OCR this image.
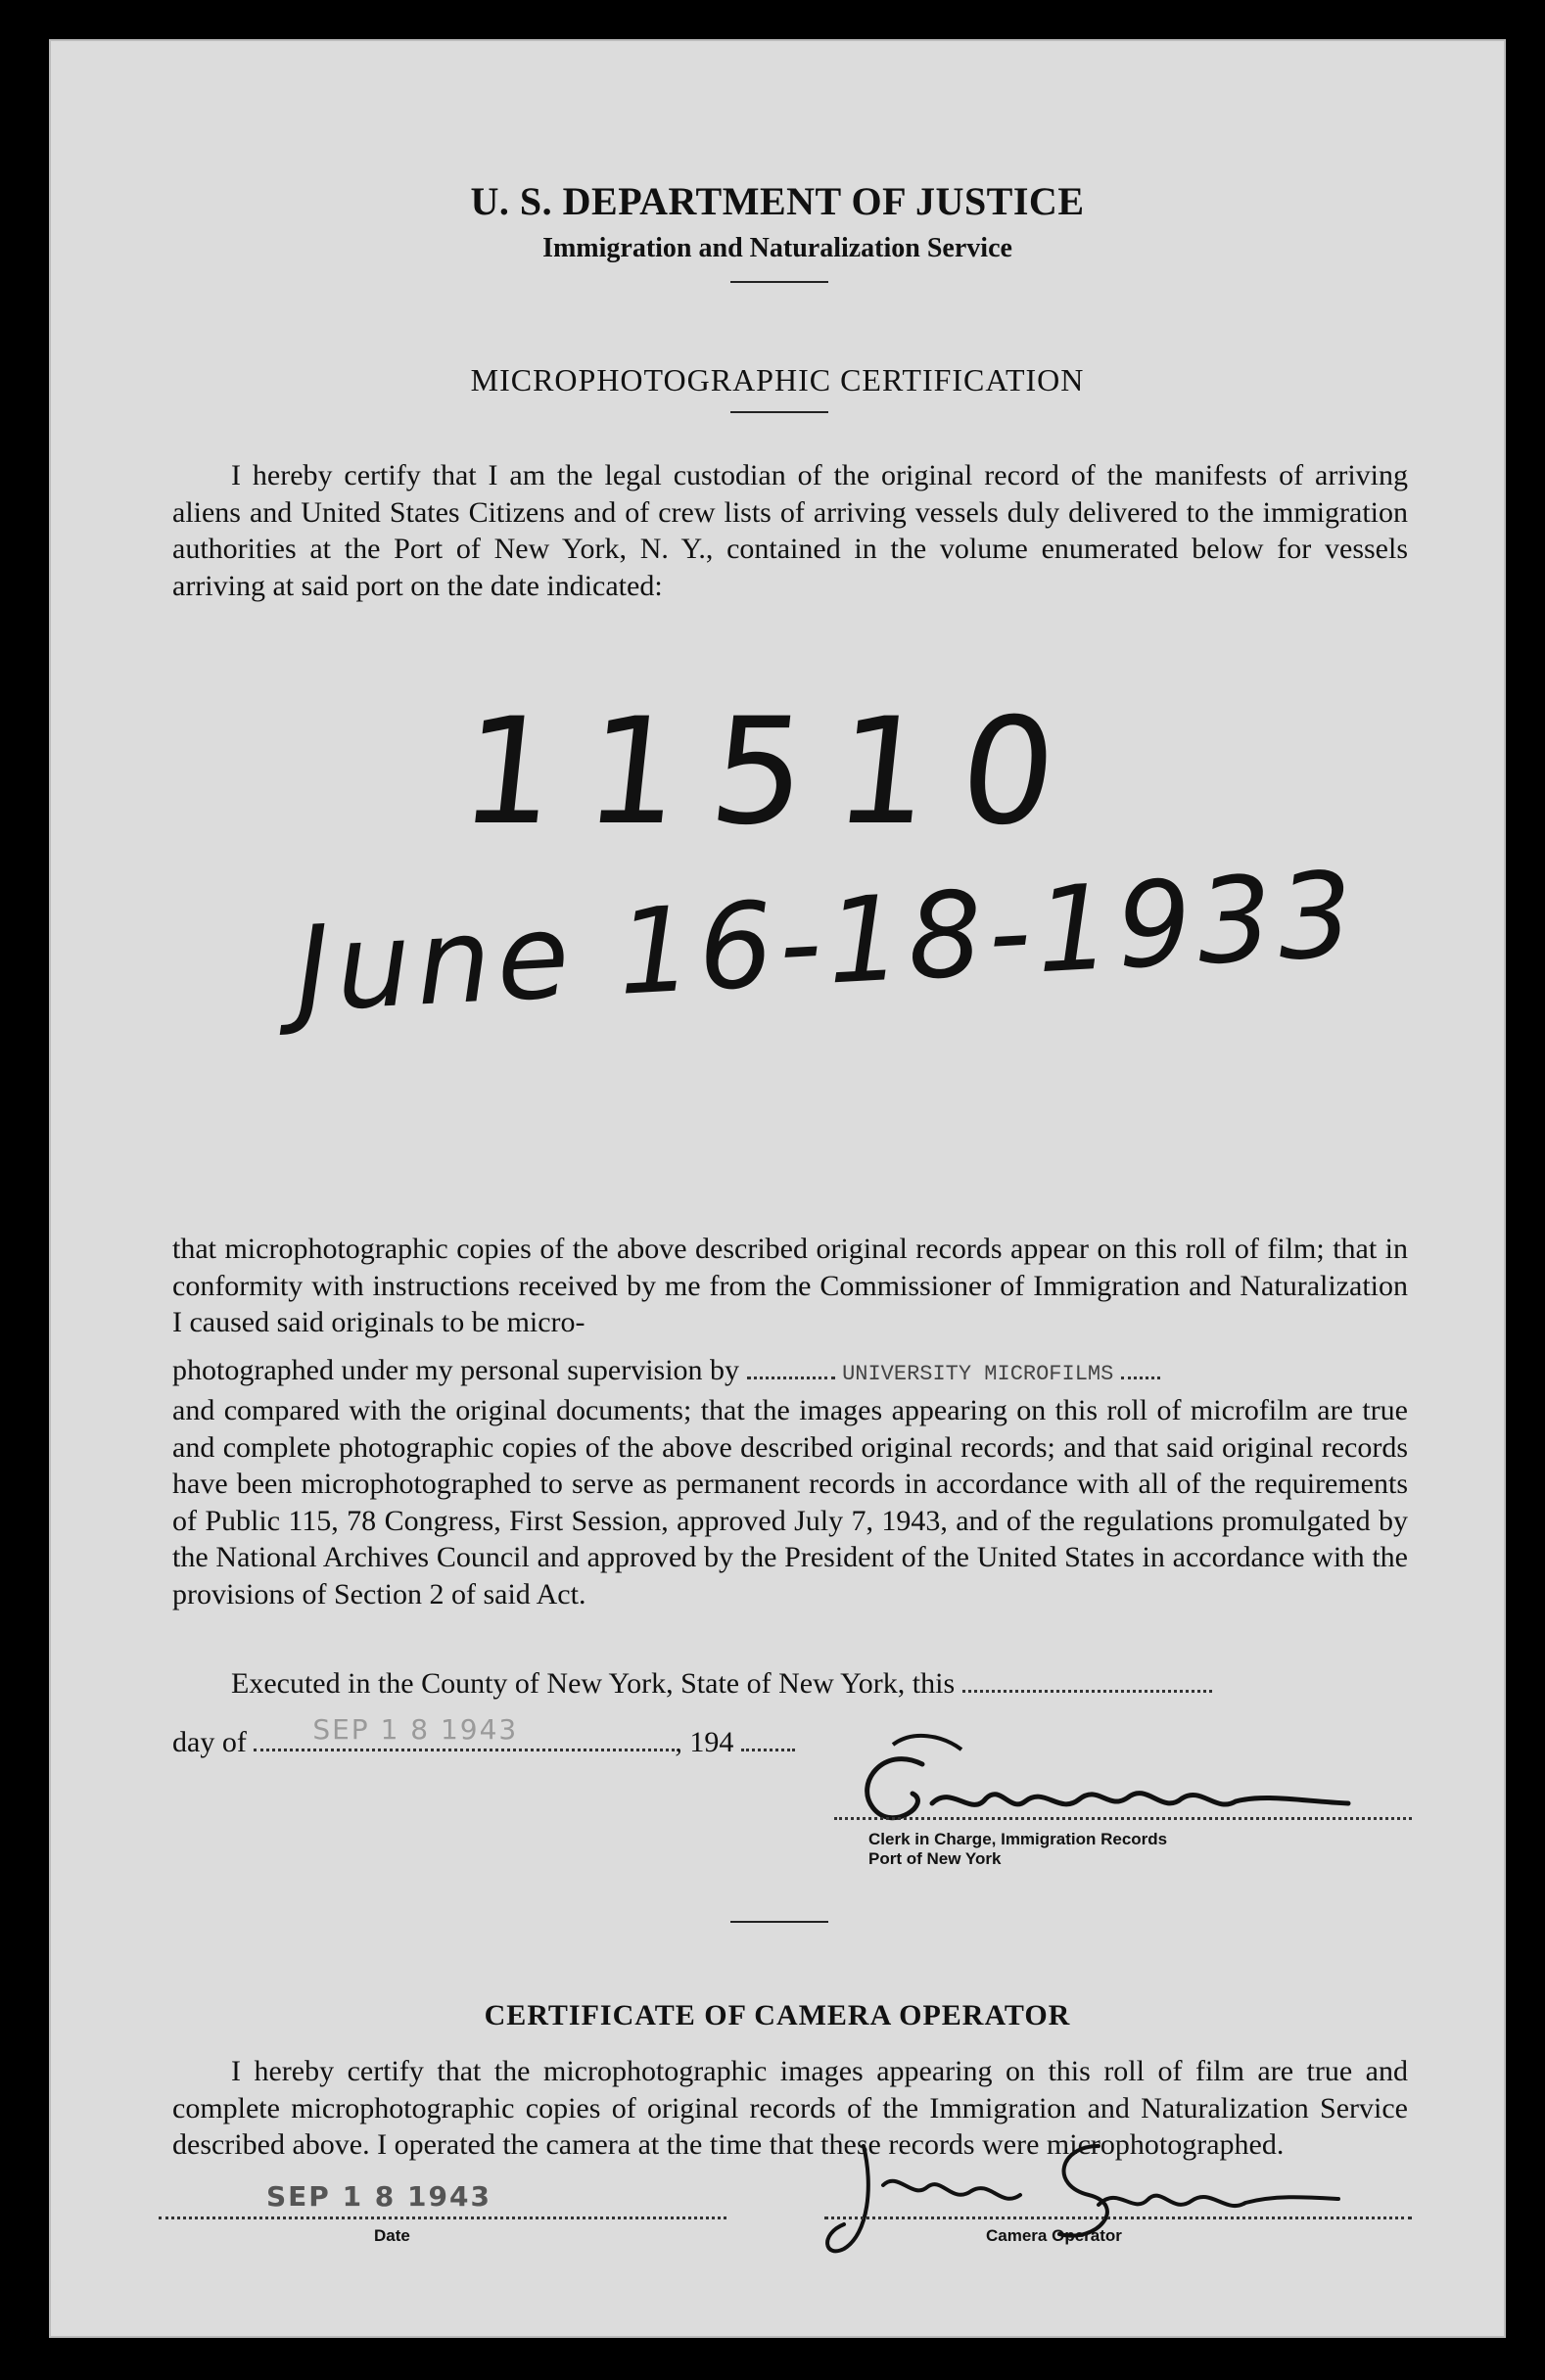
U. S. DEPARTMENT OF JUSTICE
Immigration and Naturalization Service
MICROPHOTOGRAPHIC CERTIFICATION
I hereby certify that I am the legal custodian of the original record of the manifests of arriving aliens and United States Citizens and of crew lists of arriving vessels duly delivered to the immigration authorities at the Port of New York, N. Y., contained in the volume enumerated below for vessels arriving at said port on the date indicated:
11510
June 16-18-1933
that microphotographic copies of the above described original records appear on this roll of film; that in conformity with instructions received by me from the Commissioner of Immigration and Naturalization I caused said originals to be micro-
photographed under my personal supervision by	UNIVERSITY MICROFILMS
and compared with the original documents; that the images appearing on this roll of microfilm are true and complete photographic copies of the above described original records; and that said original records have been microphotographed to serve as permanent records in accordance with all of the requirements of Public 115, 78 Congress, First Session, approved July 7, 1943, and of the regulations promulgated by the National Archives Council and approved by the President of the United States in accordance with the provisions of Section 2 of said Act.
Executed in the County of New York, State of New York, this
day of SEP 1 8 1943	, 194
Clerk in Charge, Immigration Records
Port of New York
CERTIFICATE OF CAMERA OPERATOR
I hereby certify that the microphotographic images appearing on this roll of film are true and complete microphotographic copies of original records of the Immigration and Naturalization Service described above. I operated the camera at the time that these records were microphotographed.
SEP 1 8 1943
Date	Camera Operator
